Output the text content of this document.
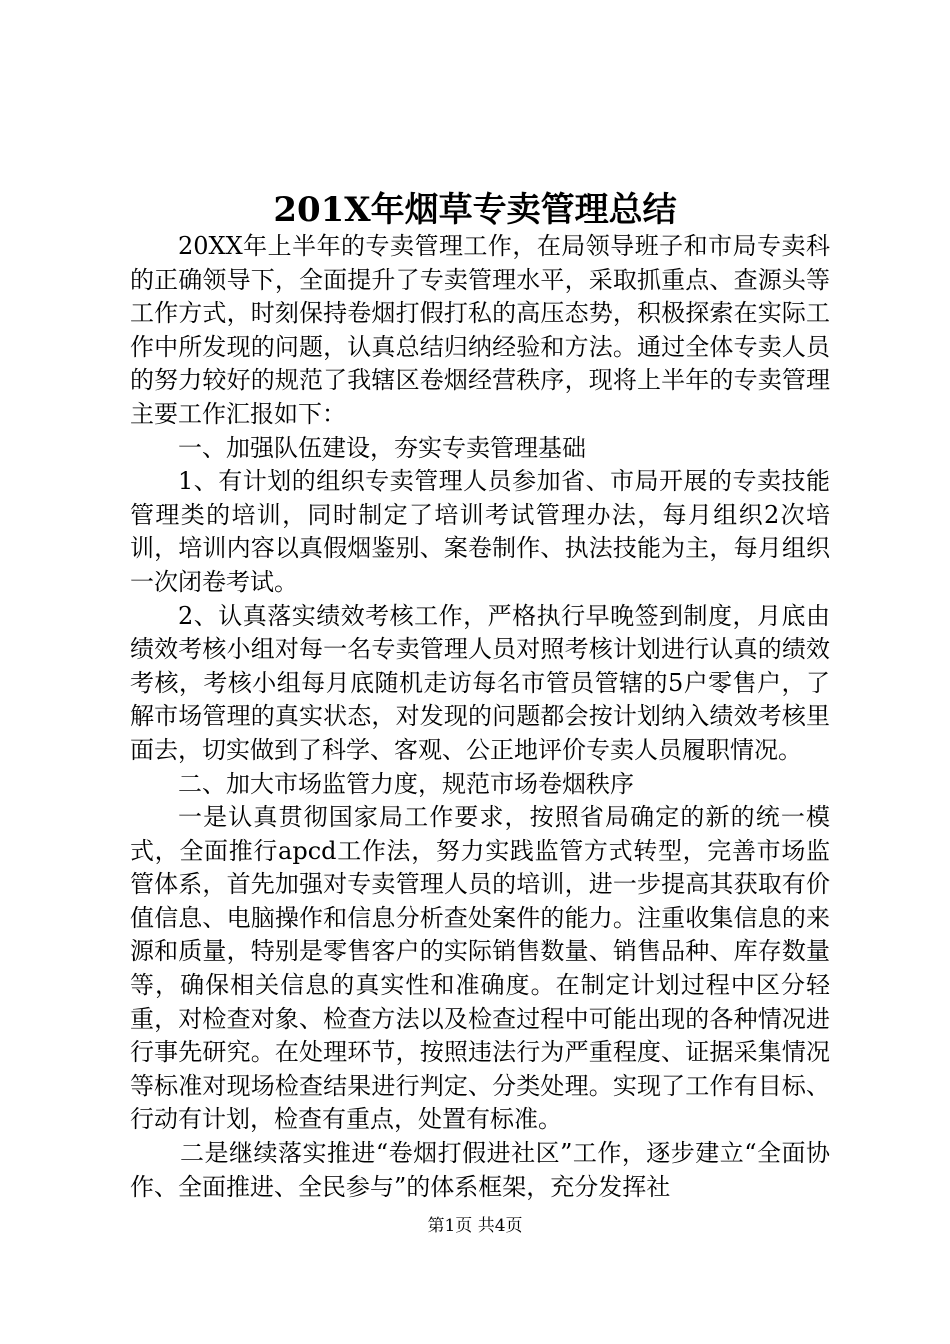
201X年烟草专卖管理总结

20XX年上半年的专卖管理工作，在局领导班子和市局专卖科的正确领导下，全面提升了专卖管理水平，采取抓重点、查源头等工作方式，时刻保持卷烟打假打私的高压态势，积极探索在实际工作中所发现的问题，认真总结归纳经验和方法。通过全体专卖人员的努力较好的规范了我辖区卷烟经营秩序，现将上半年的专卖管理主要工作汇报如下：

一、加强队伍建设，夯实专卖管理基础

1、有计划的组织专卖管理人员参加省、市局开展的专卖技能管理类的培训，同时制定了培训考试管理办法，每月组织2次培训，培训内容以真假烟鉴别、案卷制作、执法技能为主，每月组织一次闭卷考试。

2、认真落实绩效考核工作，严格执行早晚签到制度，月底由绩效考核小组对每一名专卖管理人员对照考核计划进行认真的绩效考核，考核小组每月底随机走访每名市管员管辖的5户零售户，了解市场管理的真实状态，对发现的问题都会按计划纳入绩效考核里面去，切实做到了科学、客观、公正地评价专卖人员履职情况。

二、加大市场监管力度，规范市场卷烟秩序

一是认真贯彻国家局工作要求，按照省局确定的新的统一模式，全面推行apcd工作法，努力实践监管方式转型，完善市场监管体系，首先加强对专卖管理人员的培训，进一步提高其获取有价值信息、电脑操作和信息分析查处案件的能力。注重收集信息的来源和质量，特别是零售客户的实际销售数量、销售品种、库存数量等，确保相关信息的真实性和准确度。在制定计划过程中区分轻重，对检查对象、检查方法以及检查过程中可能出现的各种情况进行事先研究。在处理环节，按照违法行为严重程度、证据采集情况等标准对现场检查结果进行判定、分类处理。实现了工作有目标、行动有计划，检查有重点，处置有标准。

二是继续落实推进“卷烟打假进社区”工作，逐步建立“全面协作、全面推进、全民参与”的体系框架，充分发挥社

第1页 共4页
